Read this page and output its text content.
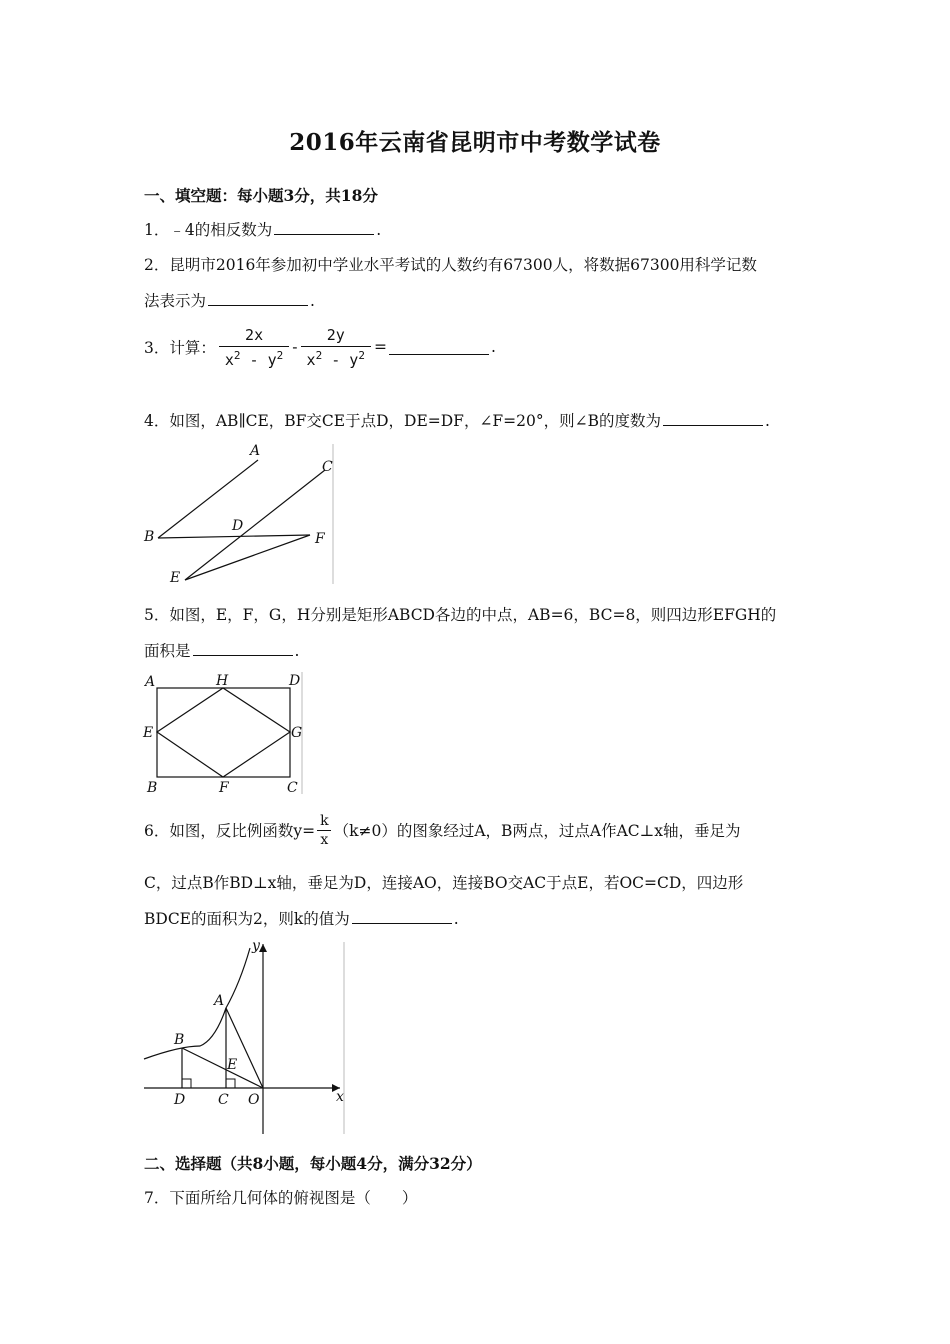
2016年云南省昆明市中考数学试卷
一、填空题：每小题3分，共18分
1．﹣4的相反数为	.
2．昆明市2016年参加初中学业水平考试的人数约有67300人，将数据67300用科学记数
法表示为	.
3．计算： $\frac{2x}{x^2 - y^2} - \frac{2y}{x^2 - y^2}$ =	.
4．如图，AB∥CE，BF交CE于点D，DE=DF，∠F=20°，则∠B的度数为	.
A
B
C
D
E
F
5．如图，E，F，G，H分别是矩形ABCD各边的中点，AB=6，BC=8，则四边形EFGH的
面积是	.
A	H	D
E	G
B	F	C
6．如图，反比例函数$y= \frac{k}{x} (k\ne 0)$的图象经过A，B两点，过点A作AC⊥x轴，垂足为
C，过点B作BD⊥x轴，垂足为D，连接AO，连接BO交AC于点E，若OC=CD，四边形
BDCE的面积为2，则k的值为	.
y
x
A
B
E
D C O
二、选择题（共8小题，每小题4分，满分32分）
7．下面所给几何体的俯视图是（　　）
